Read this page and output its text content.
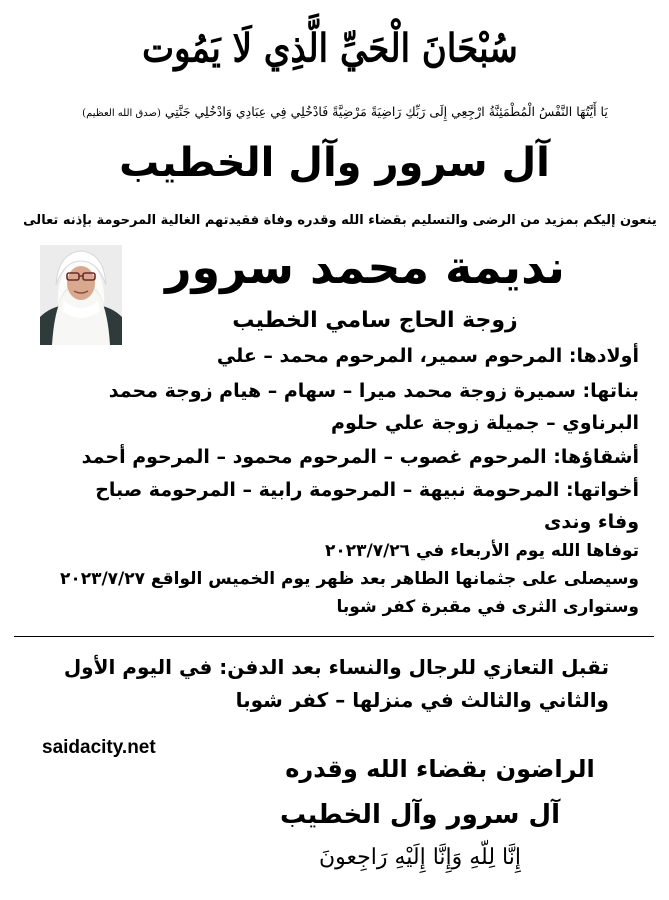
سُبْحَانَ الْحَيِّ الَّذِي لَا يَمُوت
يَا أَيَّتُهَا النَّفْسُ الْمُطْمَئِنَّةُ ارْجِعِي إِلَى رَبِّكِ رَاضِيَةً مَرْضِيَّةً فَادْخُلِي فِي عِبَادِي وَادْخُلِي جَنَّتِي (صدق الله العظيم)
آل سرور وآل الخطيب
ينعون إليكم بمزيد من الرضى والتسليم بقضاء الله وقدره وفاة فقيدتهم الغالية المرحومة بإذنه تعالى
نديمة محمد سرور
زوجة الحاج سامي الخطيب
أولادها: المرحوم سمير، المرحوم محمد – علي
بناتها: سميرة زوجة محمد ميرا – سهام – هيام زوجة محمد
البرناوي – جميلة زوجة علي حلوم
أشقاؤها: المرحوم غصوب – المرحوم محمود – المرحوم أحمد
أخواتها: المرحومة نبيهة – المرحومة رابية – المرحومة صباح
وفاء وندى
توفاها الله يوم الأربعاء في ٢٠٢٣/٧/٢٦
وسيصلى على جثمانها الطاهر بعد ظهر يوم الخميس الواقع ٢٠٢٣/٧/٢٧
وستوارى الثرى في مقبرة كفر شوبا
تقبل التعازي للرجال والنساء بعد الدفن: في اليوم الأول
والثاني والثالث في منزلها – كفر شوبا
saidacity.net
الراضون بقضاء الله وقدره
آل سرور وآل الخطيب
إِنَّا لِلّهِ وَإِنَّا إِلَيْهِ رَاجِعونَ
